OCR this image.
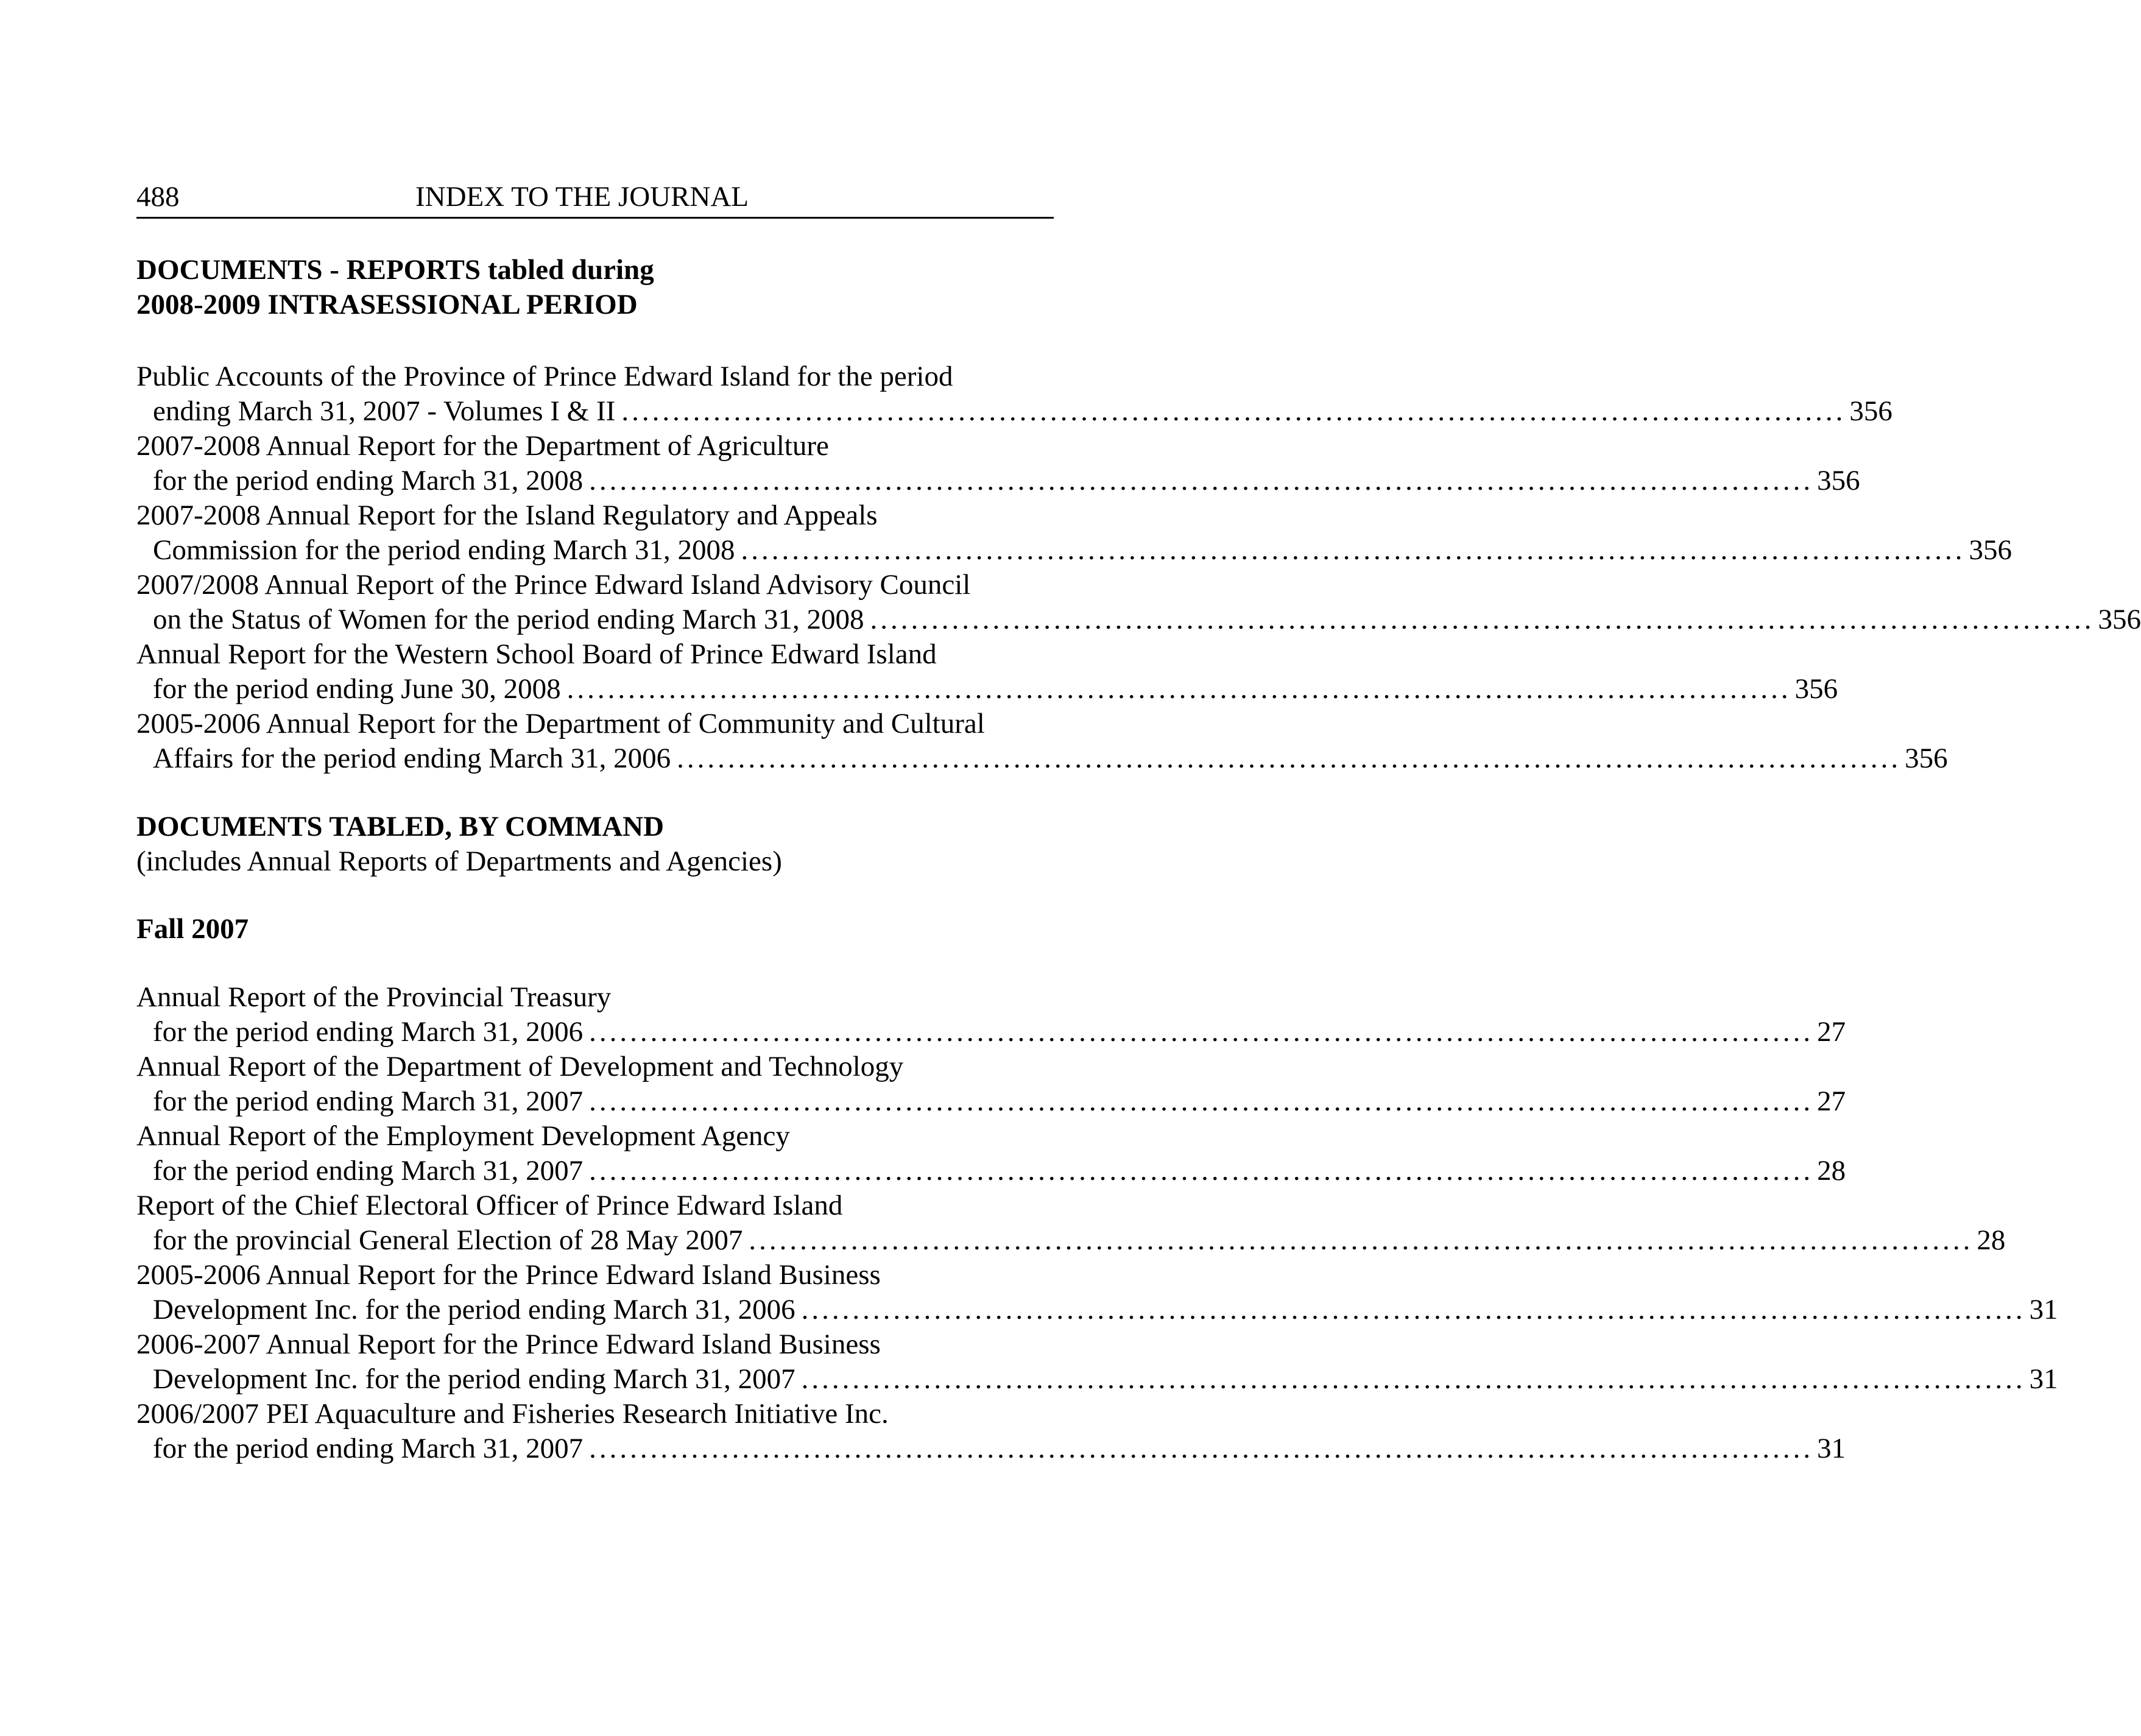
488	INDEX TO THE JOURNAL
DOCUMENTS - REPORTS tabled during
2008-2009 INTRASESSIONAL PERIOD
Public Accounts of the Province of Prince Edward Island for the period
ending March 31, 2007 - Volumes I & II ........................................................................................................................ 356
2007-2008 Annual Report for the Department of Agriculture
for the period ending March 31, 2008 ........................................................................................................................ 356
2007-2008 Annual Report for the Island Regulatory and Appeals
Commission for the period ending March 31, 2008 ........................................................................................................................ 356
2007/2008 Annual Report of the Prince Edward Island Advisory Council
on the Status of Women for the period ending March 31, 2008 ........................................................................................................................ 356
Annual Report for the Western School Board of Prince Edward Island
for the period ending June 30, 2008 ........................................................................................................................ 356
2005-2006 Annual Report for the Department of Community and Cultural
Affairs for the period ending March 31, 2006 ........................................................................................................................ 356
DOCUMENTS TABLED, BY COMMAND
(includes Annual Reports of Departments and Agencies)
Fall 2007
Annual Report of the Provincial Treasury
for the period ending March 31, 2006 ........................................................................................................................ 27
Annual Report of the Department of Development and Technology
for the period ending March 31, 2007 ........................................................................................................................ 27
Annual Report of the Employment Development Agency
for the period ending March 31, 2007 ........................................................................................................................ 28
Report of the Chief Electoral Officer of Prince Edward Island
for the provincial General Election of 28 May 2007 ........................................................................................................................ 28
2005-2006 Annual Report for the Prince Edward Island Business
Development Inc. for the period ending March 31, 2006 ........................................................................................................................ 31
2006-2007 Annual Report for the Prince Edward Island Business
Development Inc. for the period ending March 31, 2007 ........................................................................................................................ 31
2006/2007 PEI Aquaculture and Fisheries Research Initiative Inc.
for the period ending March 31, 2007 ........................................................................................................................ 31
